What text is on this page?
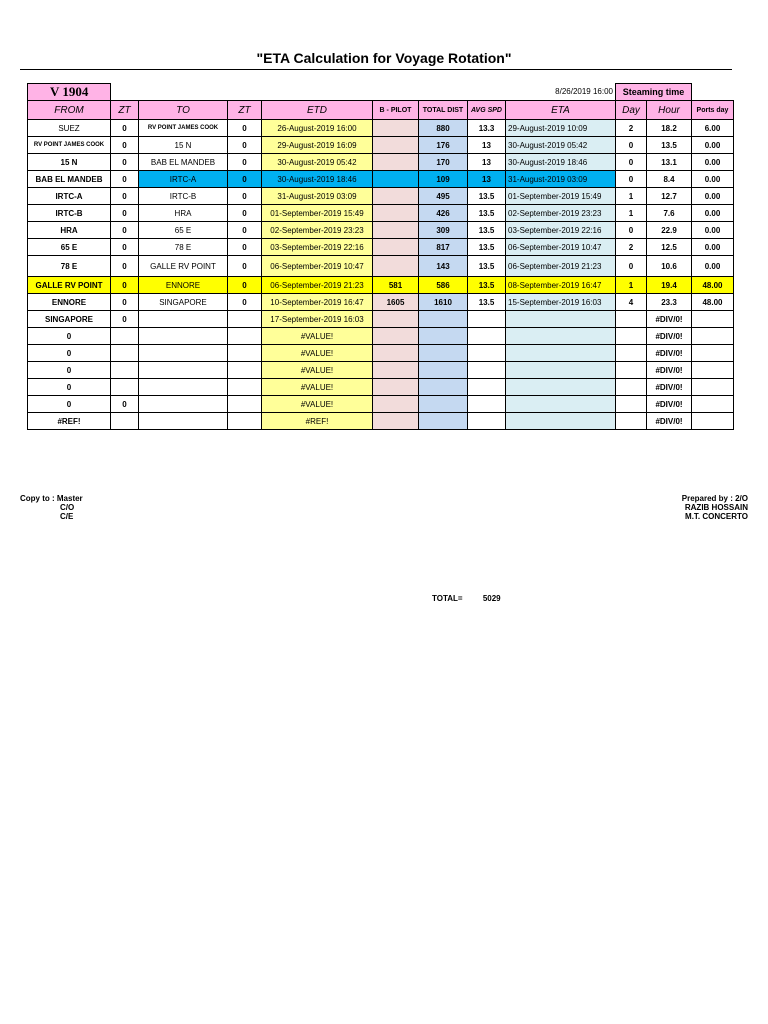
"ETA Calculation for Voyage Rotation"
V 1904								8/26/2019 16:00	Steaming time		
FROM	ZT	TO	ZT	ETD	B - PILOT	TOTAL DIST	AVG SPD	ETA	Day	Hour	Ports day
SUEZ	0	RV POINT JAMES COOK	0	26-August-2019 16:00		880	13.3	29-August-2019 10:09	2	18.2	6.00
RV POINT JAMES COOK	0	15 N	0	29-August-2019 16:09		176	13	30-August-2019 05:42	0	13.5	0.00
15 N	0	BAB EL MANDEB	0	30-August-2019 05:42		170	13	30-August-2019 18:46	0	13.1	0.00
BAB EL MANDEB	0	IRTC-A	0	30-August-2019 18:46		109	13	31-August-2019 03:09	0	8.4	0.00
IRTC-A	0	IRTC-B	0	31-August-2019 03:09		495	13.5	01-September-2019 15:49	1	12.7	0.00
IRTC-B	0	HRA	0	01-September-2019 15:49		426	13.5	02-September-2019 23:23	1	7.6	0.00
HRA	0	65 E	0	02-September-2019 23:23		309	13.5	03-September-2019 22:16	0	22.9	0.00
65 E	0	78 E	0	03-September-2019 22:16		817	13.5	06-September-2019 10:47	2	12.5	0.00
78 E	0	GALLE RV POINT	0	06-September-2019 10:47		143	13.5	06-September-2019 21:23	0	10.6	0.00
GALLE RV POINT	0	ENNORE	0	06-September-2019 21:23	581	586	13.5	08-September-2019 16:47	1	19.4	48.00
ENNORE	0	SINGAPORE	0	10-September-2019 16:47	1605	1610	13.5	15-September-2019 16:03	4	23.3	48.00
SINGAPORE	0			17-September-2019 16:03						#DIV/0!	
0				#VALUE!						#DIV/0!	
0				#VALUE!						#DIV/0!	
0				#VALUE!						#DIV/0!	
0				#VALUE!						#DIV/0!	
0	0			#VALUE!						#DIV/0!	
#REF!				#REF!						#DIV/0!	
Copy to : Master
C/O
C/E
Prepared by : 2/O
RAZIB HOSSAIN
M.T. CONCERTO
TOTAL=	5029
